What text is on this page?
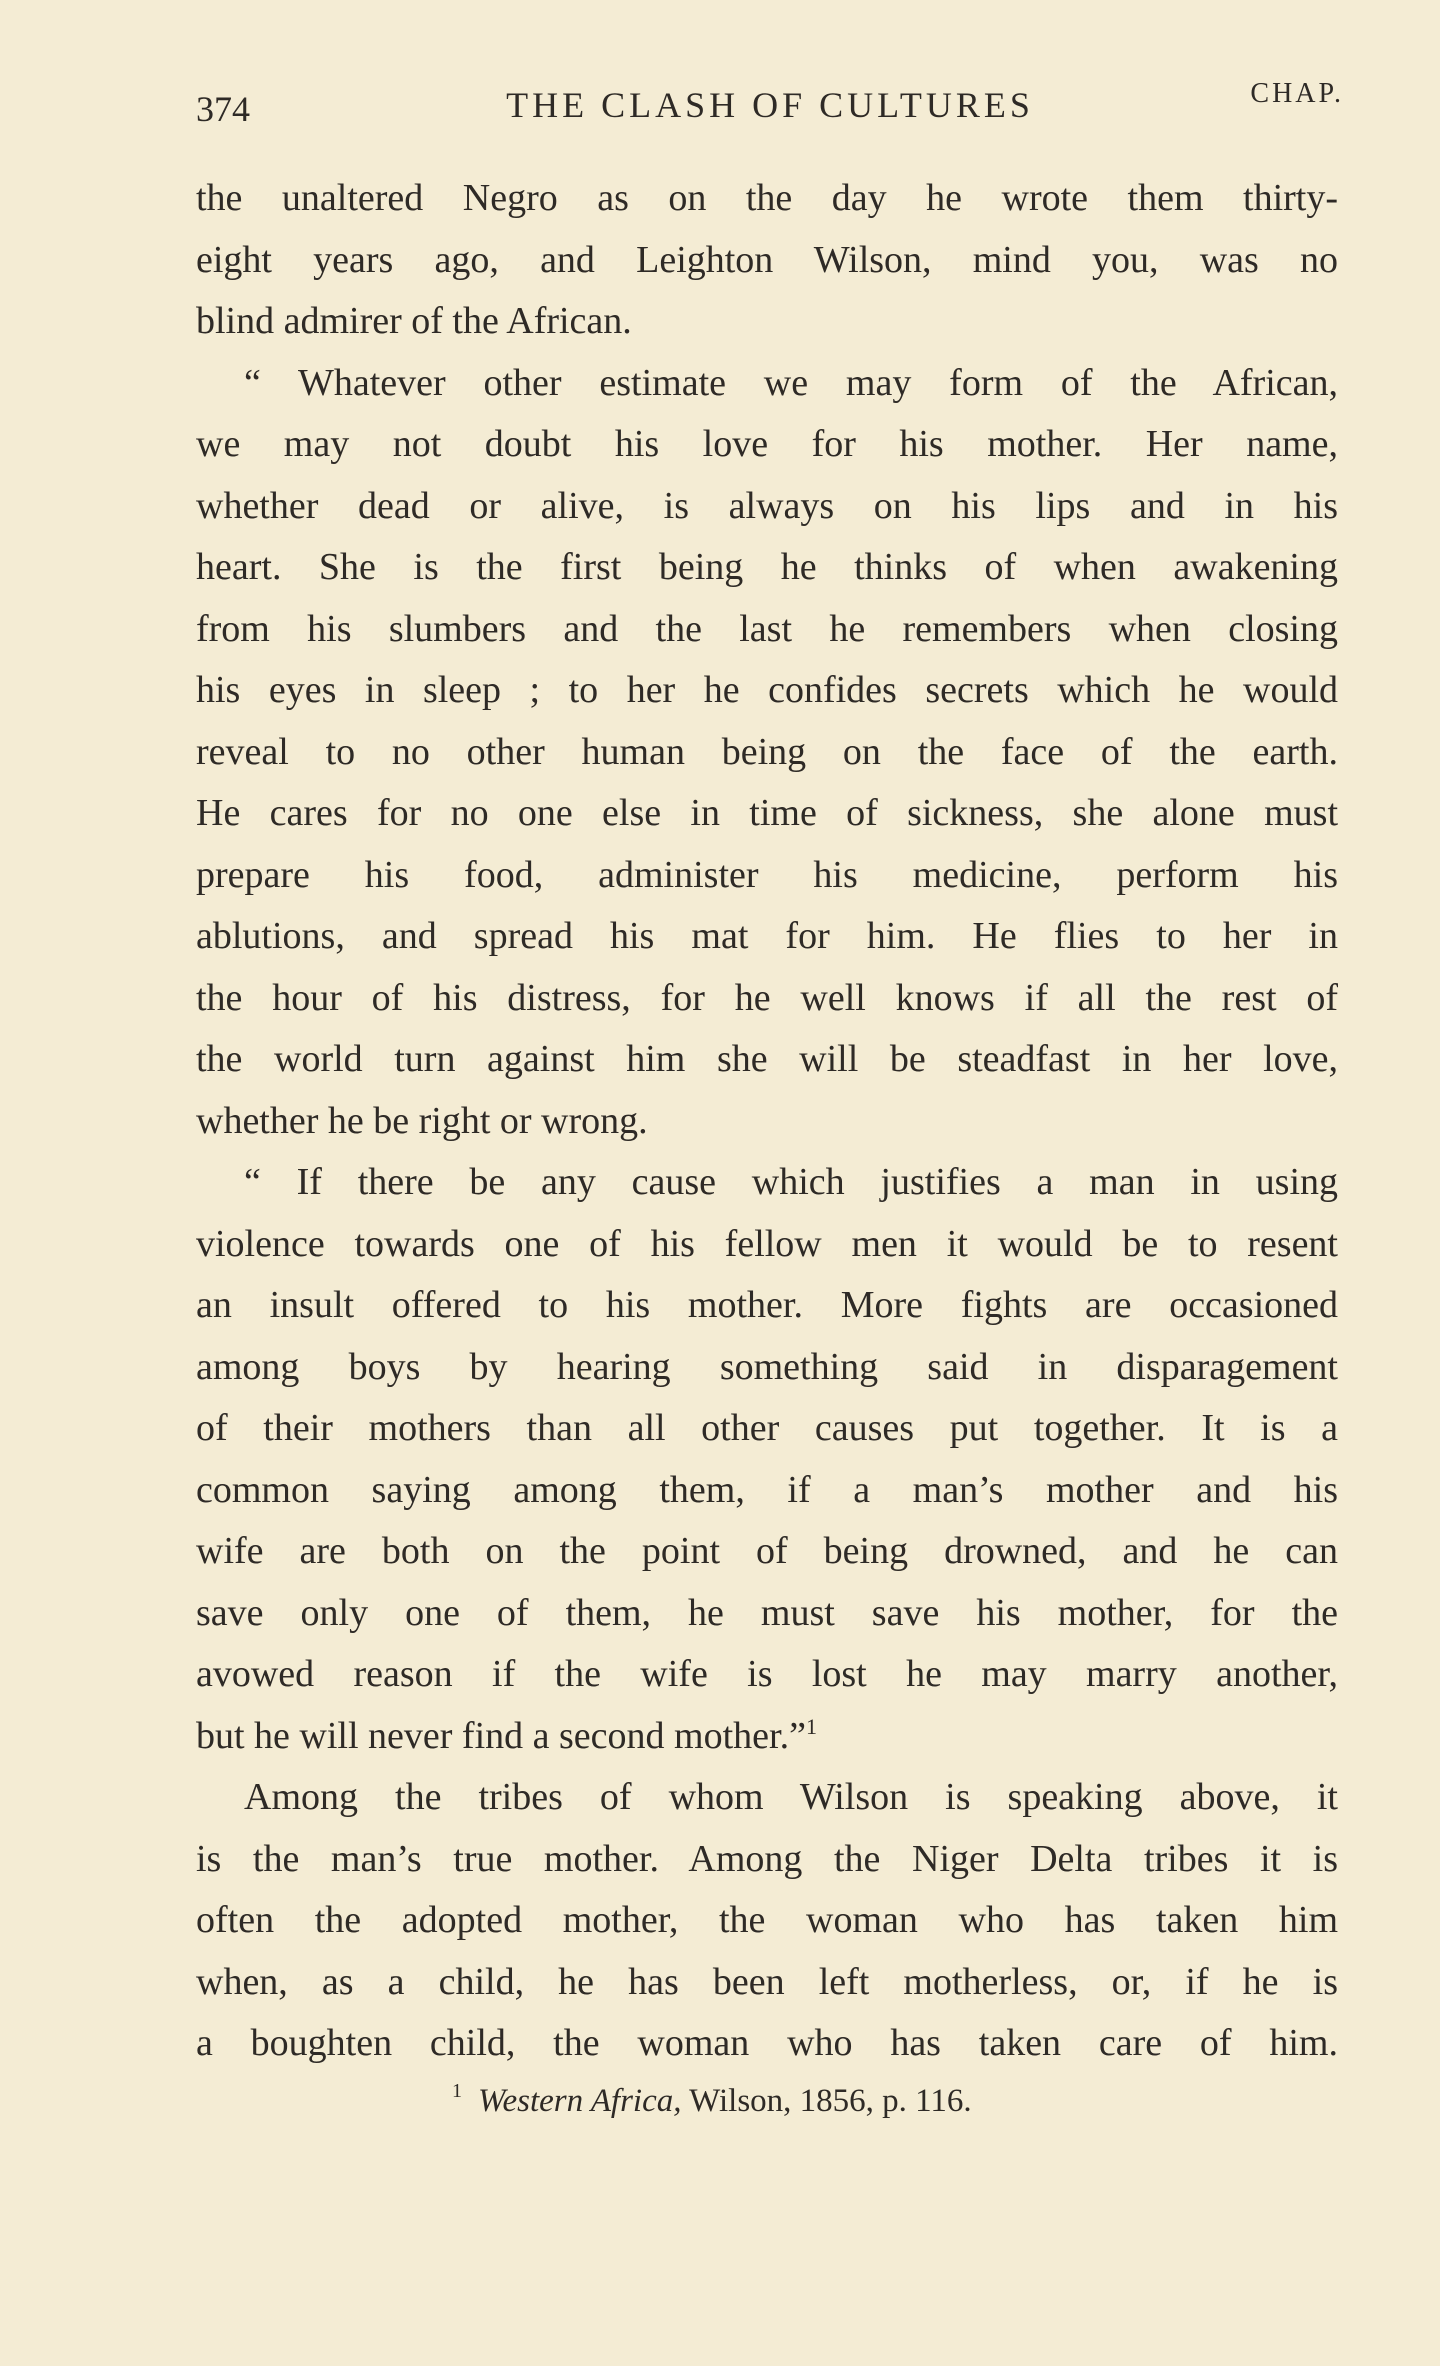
374	THE CLASH OF CULTURES	CHAP.
the unaltered Negro as on the day he wrote them thirty-
eight years ago, and Leighton Wilson, mind you, was no
blind admirer of the African.
“ Whatever other estimate we may form of the African,
we may not doubt his love for his mother. Her name,
whether dead or alive, is always on his lips and in his
heart. She is the first being he thinks of when awakening
from his slumbers and the last he remembers when closing
his eyes in sleep ; to her he confides secrets which he would
reveal to no other human being on the face of the earth.
He cares for no one else in time of sickness, she alone must
prepare his food, administer his medicine, perform his
ablutions, and spread his mat for him. He flies to her in
the hour of his distress, for he well knows if all the rest of
the world turn against him she will be steadfast in her love,
whether he be right or wrong.
“ If there be any cause which justifies a man in using
violence towards one of his fellow men it would be to resent
an insult offered to his mother. More fights are occasioned
among boys by hearing something said in disparagement
of their mothers than all other causes put together. It is a
common saying among them, if a man’s mother and his
wife are both on the point of being drowned, and he can
save only one of them, he must save his mother, for the
avowed reason if the wife is lost he may marry another,
but he will never find a second mother.”$^1$
Among the tribes of whom Wilson is speaking above, it
is the man’s true mother. Among the Niger Delta tribes it is
often the adopted mother, the woman who has taken him
when, as a child, he has been left motherless, or, if he is
a boughten child, the woman who has taken care of him.
$^1$ Western Africa, Wilson, 1856, p. 116.
